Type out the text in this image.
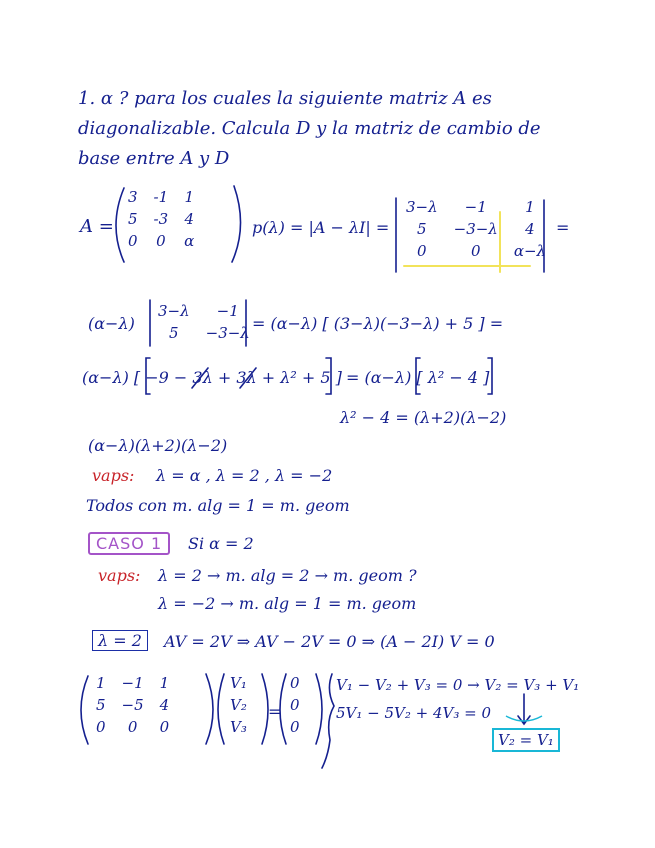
1. α ? para los cuales la siguiente matriz A es
diagonalizable. Calcula D y la matriz de cambio de
base entre A y D
A =
3	-1	1
5	-3	4
0	0	α
p(λ) = |A − λI| =
3−λ	−1	1
5	−3−λ	4
0	0	α−λ
=
(α−λ)
3−λ	−1
5	−3−λ = (α−λ) [ (3−λ)(−3−λ) + 5 ] =
(α−λ) [ −9 − 3λ + 3λ + λ² + 5 ] = (α−λ) [ λ² − 4 ]
λ² − 4 = (λ+2)(λ−2)
(α−λ)(λ+2)(λ−2)
vaps: λ = α , λ = 2 , λ = −2
Todos con m. alg = 1 = m. geom
CASO 1	Si α = 2
vaps: λ = 2 → m. alg = 2 → m. geom ?
λ = −2 → m. alg = 1 = m. geom
λ = 2	AV = 2V ⇒ AV − 2V = 0 ⇒ (A − 2I) V = 0
1	−1	1
5	−5	4
0	0	0
V₁
V₂
V₃
=
0
0
0
V₁ − V₂ + V₃ = 0 → V₂ = V₃ + V₁
5V₁ − 5V₂ + 4V₃ = 0
V₂ = V₁
